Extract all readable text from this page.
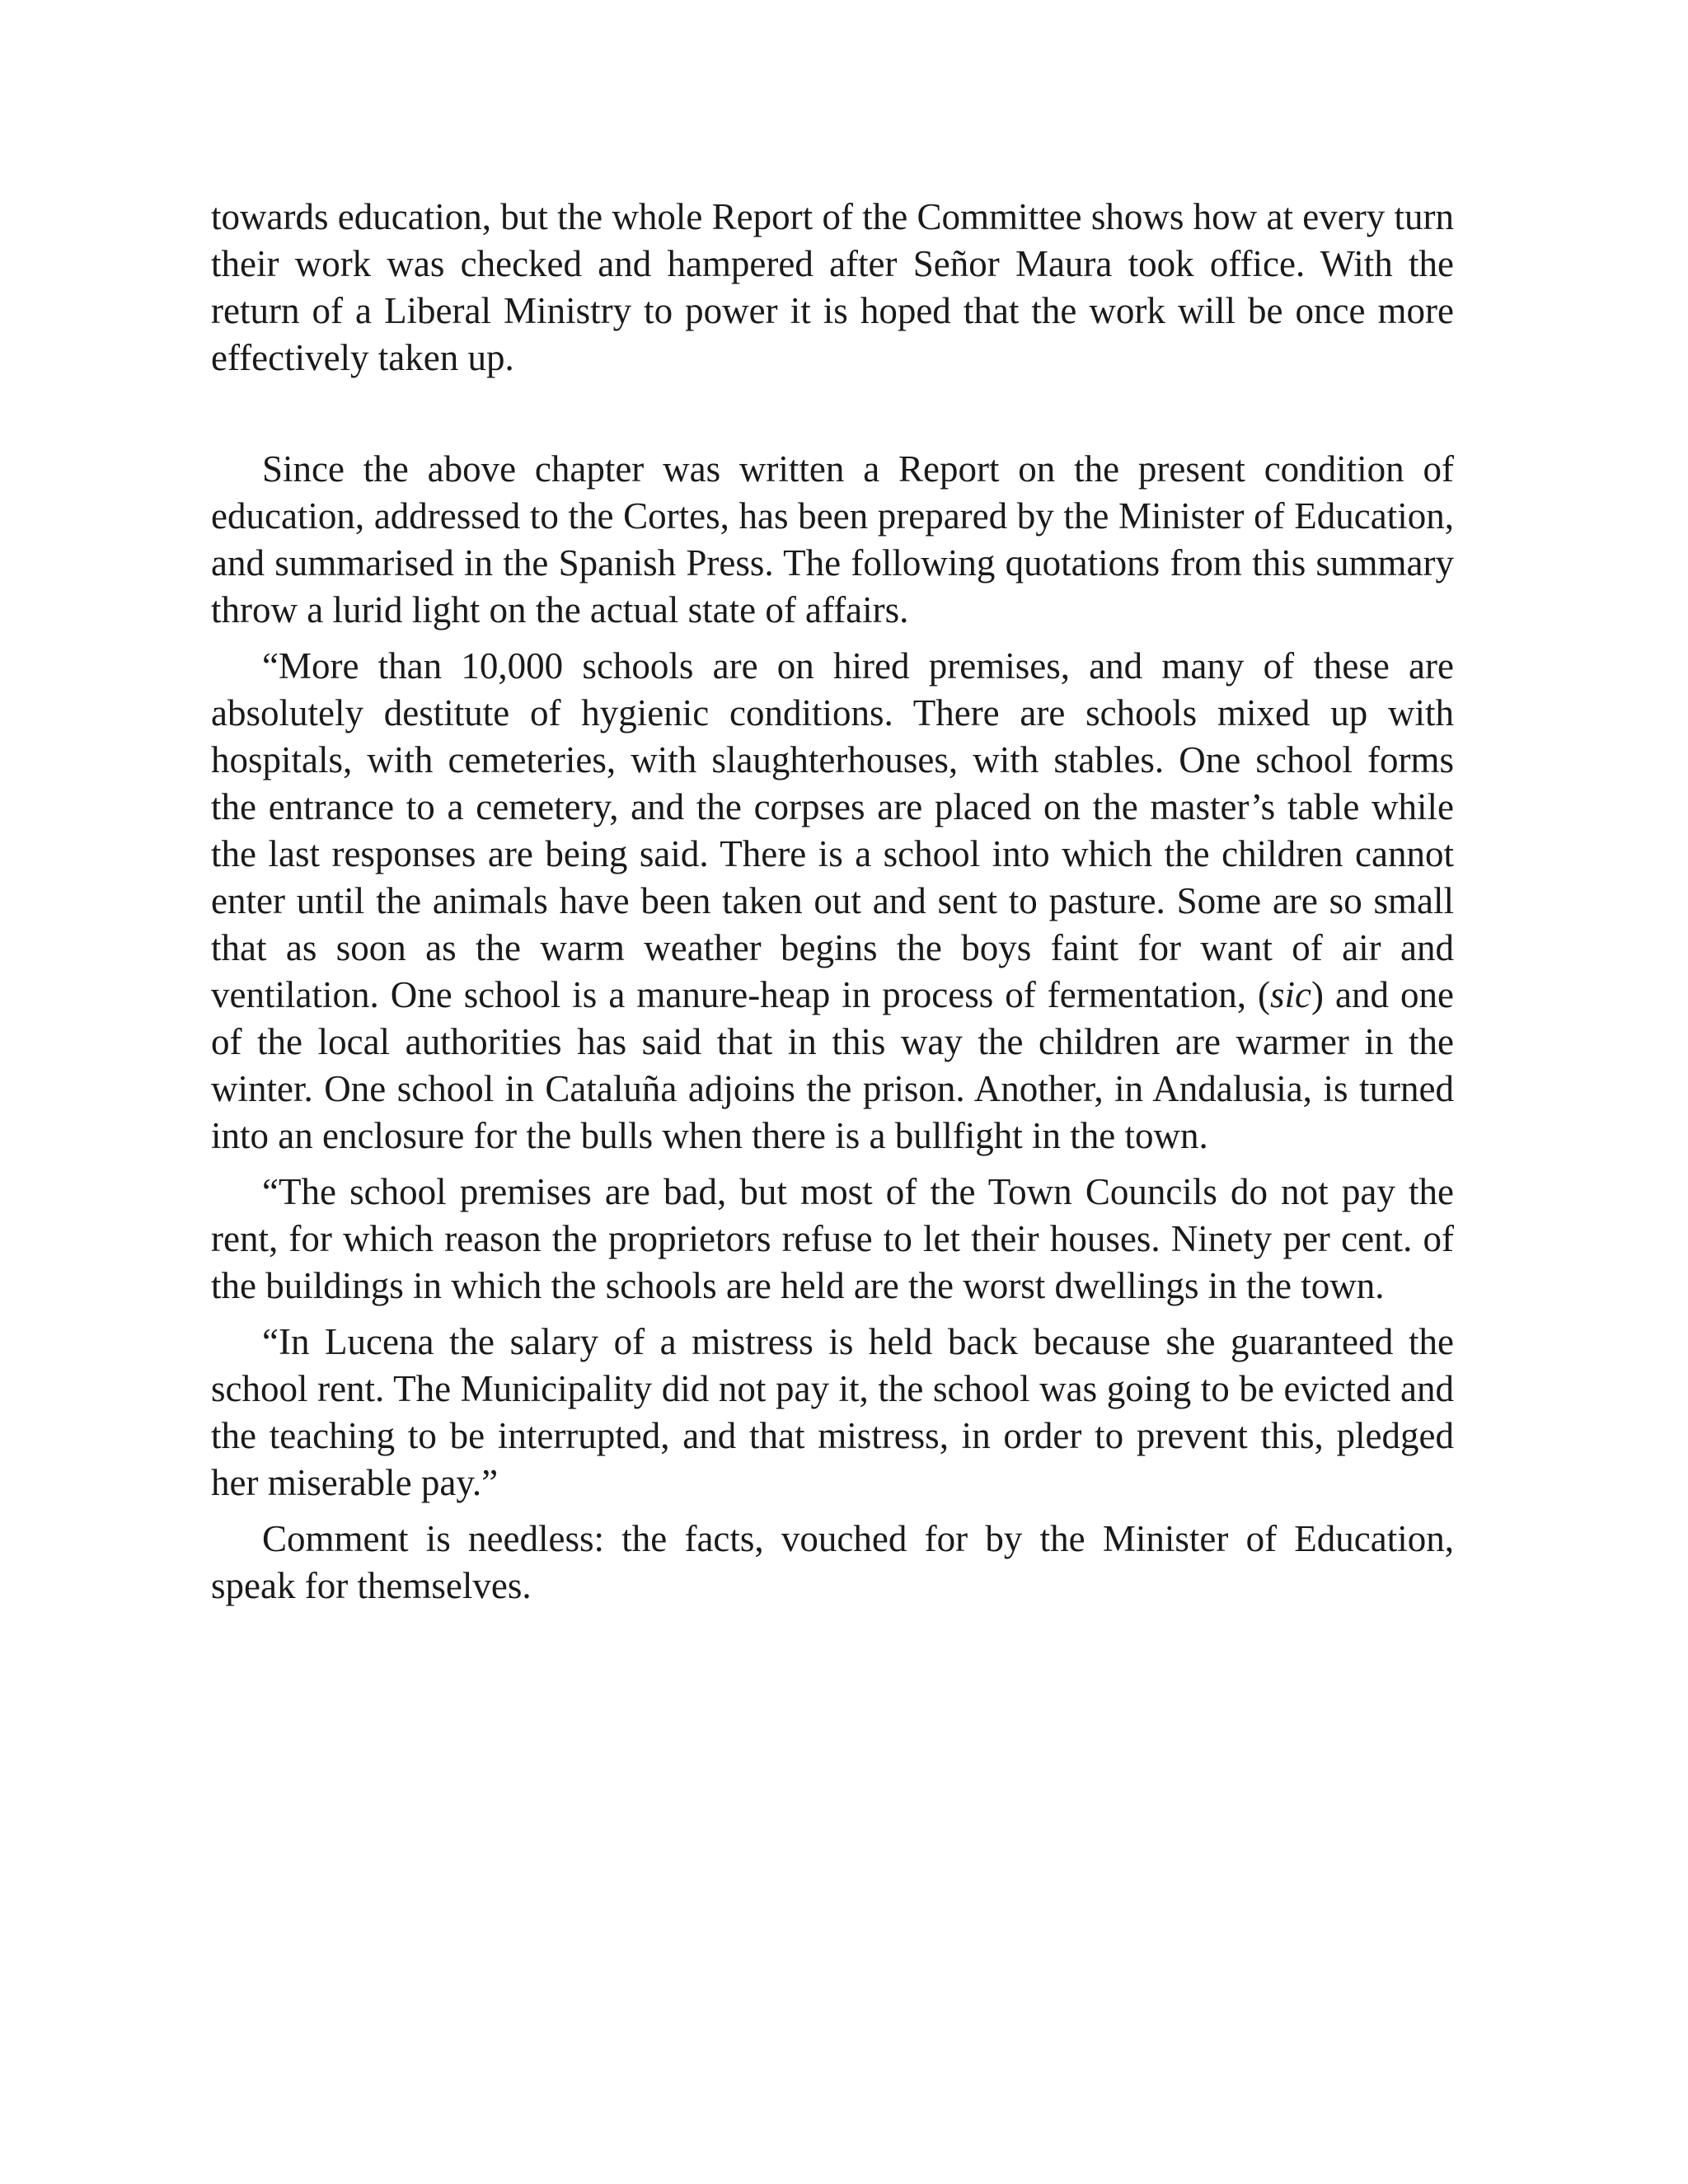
towards education, but the whole Report of the Committee shows how at every turn their work was checked and hampered after Señor Maura took office. With the return of a Liberal Ministry to power it is hoped that the work will be once more effectively taken up.

Since the above chapter was written a Report on the present condition of education, addressed to the Cortes, has been prepared by the Minister of Education, and summarised in the Spanish Press. The following quotations from this summary throw a lurid light on the actual state of affairs.

“More than 10,000 schools are on hired premises, and many of these are absolutely destitute of hygienic conditions. There are schools mixed up with hospitals, with cemeteries, with slaughterhouses, with stables. One school forms the entrance to a cemetery, and the corpses are placed on the master’s table while the last responses are being said. There is a school into which the children cannot enter until the animals have been taken out and sent to pasture. Some are so small that as soon as the warm weather begins the boys faint for want of air and ventilation. One school is a manure-heap in process of fermentation, (sic) and one of the local authorities has said that in this way the children are warmer in the winter. One school in Cataluña adjoins the prison. Another, in Andalusia, is turned into an enclosure for the bulls when there is a bullfight in the town.

“The school premises are bad, but most of the Town Councils do not pay the rent, for which reason the proprietors refuse to let their houses. Ninety per cent. of the buildings in which the schools are held are the worst dwellings in the town.

“In Lucena the salary of a mistress is held back because she guaranteed the school rent. The Municipality did not pay it, the school was going to be evicted and the teaching to be interrupted, and that mistress, in order to prevent this, pledged her miserable pay.”

Comment is needless: the facts, vouched for by the Minister of Education, speak for themselves.
